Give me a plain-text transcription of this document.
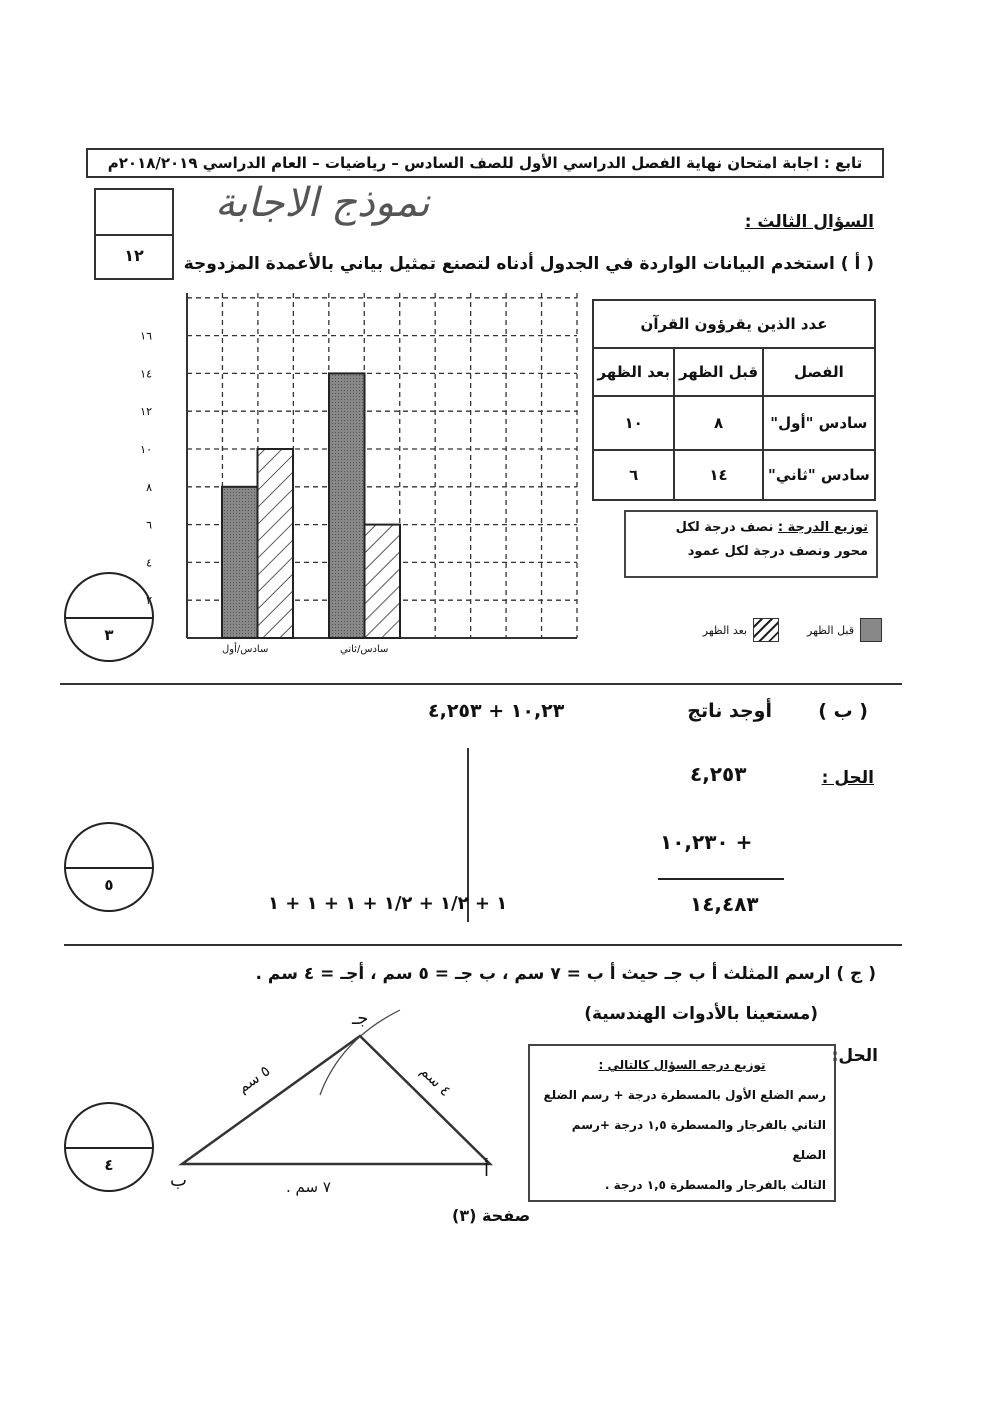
تابع : اجابة امتحان نهاية الفصل الدراسي الأول للصف السادس – رياضيات – العام الدراسي ٢٠١٨/٢٠١٩م
١٢
نموذج الاجابة	السؤال الثالث :
( أ ) استخدم البيانات الواردة في الجدول أدناه لتصنع تمثيل بياني بالأعمدة المزدوجة
٢
٤
٦
٨
١٠
١٢
١٤
١٦
سادس/أول	سادس/ثاني
عدد الذين يقرؤون القرآن		
الفصل	قبل الظهر	بعد الظهر
سادس "أول"	٨	١٠
سادس "ثاني"	١٤	٦
توزيع الدرجة : نصف درجة لكل
محور ونصف درجة لكل عمود
قبل الظهر
بعد الظهر
٣
( ب )
أوجد ناتج
١٠,٢٣ + ٤,٢٥٣
الحل :
٤,٢٥٣
+ ١٠,٢٣٠
١٤,٤٨٣
١ + ١/٢ + ١/٢ + ١ + ١ + ١
٥
( ج ) ارسم المثلث أ ب جـ حيث أ ب = ٧ سم ، ب جـ = ٥ سم ، أجـ = ٤ سم .
(مستعينا بالأدوات الهندسية)
الحل:
توزيع درجه السؤال كالتالي :
رسم الضلع الأول بالمسطرة درجة + رسم الضلع
الثاني بالفرجار والمسطرة ١,٥ درجة +رسم الضلع
الثالث بالفرجار والمسطرة ١,٥ درجة .
ب	أ
جـ
٧ سم .
٥ سم	٤ سم
٤
صفحة (٣)
